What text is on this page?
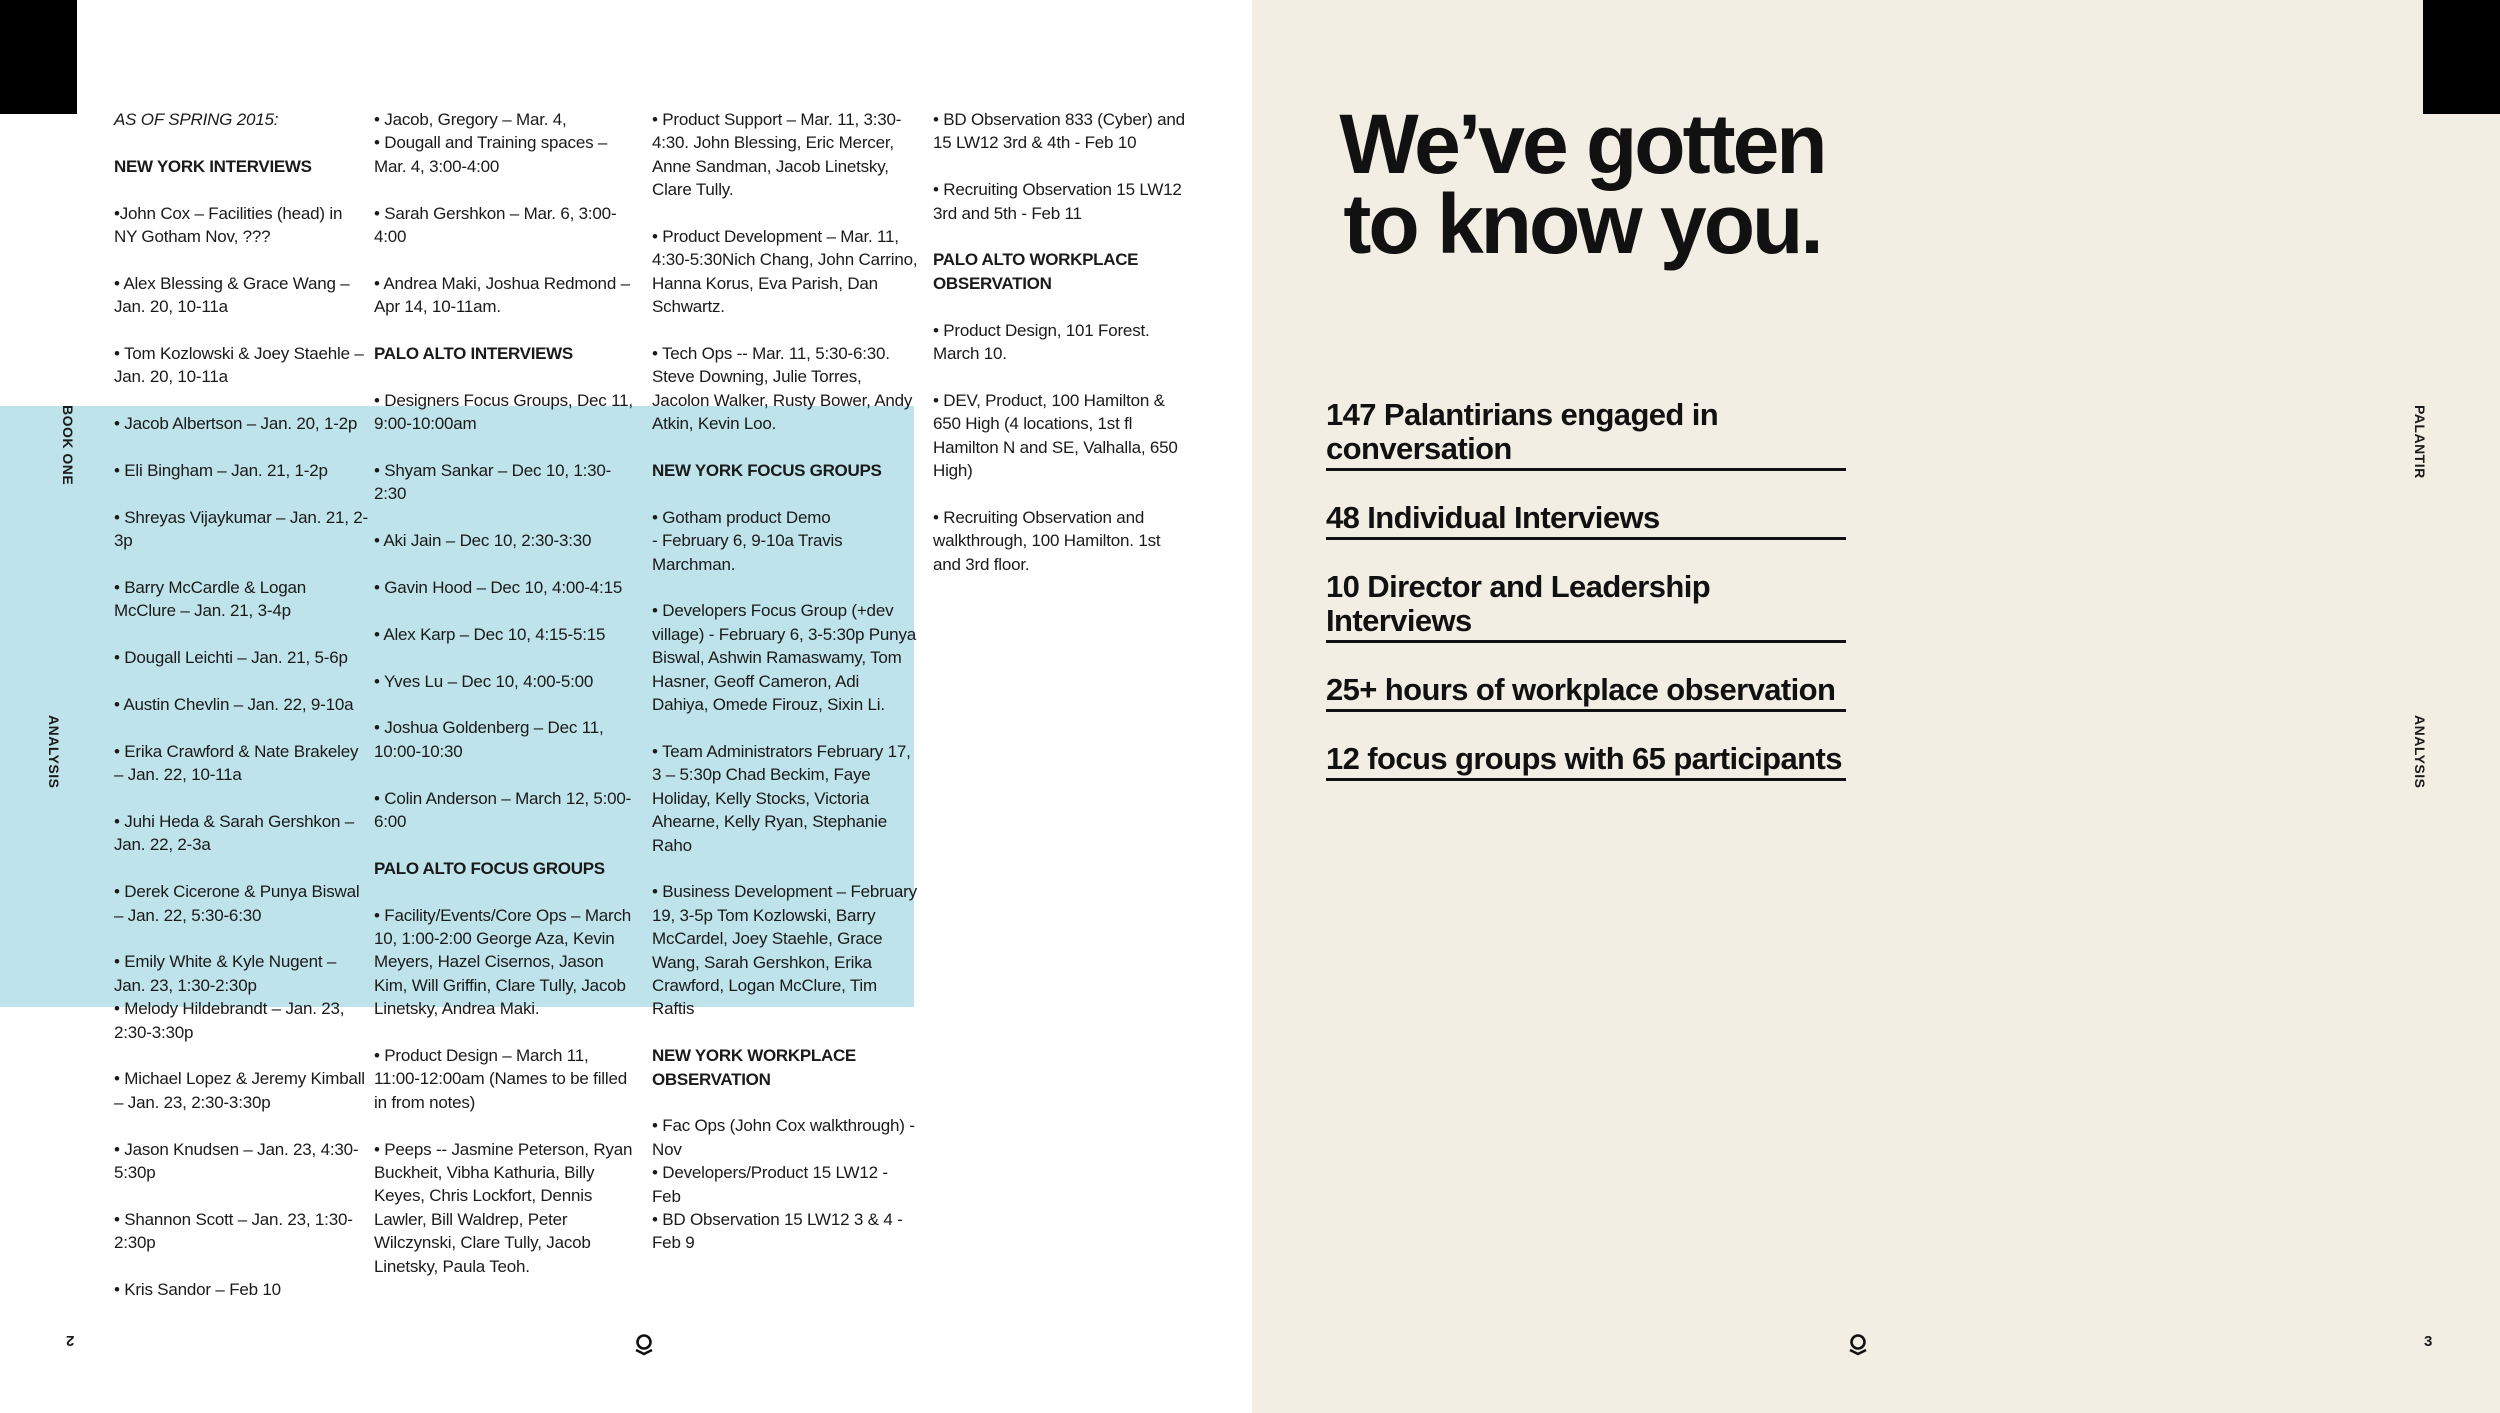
BOOK ONE
ANALYSIS

AS OF SPRING 2015:

NEW YORK INTERVIEWS

•John Cox – Facilities (head) in NY Gotham Nov, ???

• Alex Blessing & Grace Wang – Jan. 20, 10-11a

• Tom Kozlowski & Joey Staehle – Jan. 20, 10-11a

• Jacob Albertson – Jan. 20, 1-2p

• Eli Bingham – Jan. 21, 1-2p

• Shreyas Vijaykumar – Jan. 21, 2-3p

• Barry McCardle & Logan McClure – Jan. 21, 3-4p

• Dougall Leichti – Jan. 21, 5-6p

• Austin Chevlin – Jan. 22, 9-10a

• Erika Crawford & Nate Brakeley – Jan. 22, 10-11a

• Juhi Heda & Sarah Gershkon – Jan. 22, 2-3a

• Derek Cicerone & Punya Biswal – Jan. 22, 5:30-6:30

• Emily White & Kyle Nugent – Jan. 23, 1:30-2:30p

• Melody Hildebrandt – Jan. 23, 2:30-3:30p

• Michael Lopez & Jeremy Kimball – Jan. 23, 2:30-3:30p

• Jason Knudsen – Jan. 23, 4:30-5:30p

• Shannon Scott – Jan. 23, 1:30-2:30p

• Kris Sandor – Feb 10

• Jacob, Gregory – Mar. 4,

• Dougall and Training spaces – Mar. 4, 3:00-4:00

• Sarah Gershkon – Mar. 6, 3:00-4:00

• Andrea Maki, Joshua Redmond – Apr 14, 10-11am.

PALO ALTO INTERVIEWS

• Designers Focus Groups, Dec 11, 9:00-10:00am

• Shyam Sankar – Dec 10, 1:30-2:30

• Aki Jain – Dec 10, 2:30-3:30

• Gavin Hood – Dec 10, 4:00-4:15

• Alex Karp – Dec 10, 4:15-5:15

• Yves Lu – Dec 10, 4:00-5:00

• Joshua Goldenberg – Dec 11, 10:00-10:30

• Colin Anderson – March 12, 5:00-6:00

PALO ALTO FOCUS GROUPS

• Facility/Events/Core Ops – March 10, 1:00-2:00 George Aza, Kevin Meyers, Hazel Cisernos, Jason Kim, Will Griffin, Clare Tully, Jacob Linetsky, Andrea Maki.

• Product Design – March 11, 11:00-12:00am (Names to be filled in from notes)

• Peeps -- Jasmine Peterson, Ryan Buckheit, Vibha Kathuria, Billy Keyes, Chris Lockfort, Dennis Lawler, Bill Waldrep, Peter Wilczynski, Clare Tully, Jacob Linetsky, Paula Teoh.

• Product Support – Mar. 11, 3:30-4:30. John Blessing, Eric Mercer, Anne Sandman, Jacob Linetsky, Clare Tully.

• Product Development – Mar. 11, 4:30-5:30Nich Chang, John Carrino, Hanna Korus, Eva Parish, Dan Schwartz.

• Tech Ops -- Mar. 11, 5:30-6:30. Steve Downing, Julie Torres, Jacolon Walker, Rusty Bower, Andy Atkin, Kevin Loo.

NEW YORK FOCUS GROUPS

• Gotham product Demo
- February 6, 9-10a Travis Marchman.

• Developers Focus Group (+dev village) - February 6, 3-5:30p Punya Biswal, Ashwin Ramaswamy, Tom Hasner, Geoff Cameron, Adi Dahiya, Omede Firouz, Sixin Li.

• Team Administrators February 17, 3 – 5:30p Chad Beckim, Faye Holiday, Kelly Stocks, Victoria Ahearne, Kelly Ryan, Stephanie Raho

• Business Development – February 19, 3-5p Tom Kozlowski, Barry McCardel, Joey Staehle, Grace Wang, Sarah Gershkon, Erika Crawford, Logan McClure, Tim Raftis

NEW YORK WORKPLACE OBSERVATION

• Fac Ops (John Cox walkthrough) - Nov

• Developers/Product 15 LW12 - Feb

• BD Observation 15 LW12 3 & 4 - Feb 9

• BD Observation 833 (Cyber) and 15 LW12 3rd & 4th - Feb 10

• Recruiting Observation 15 LW12 3rd and 5th - Feb 11

PALO ALTO WORKPLACE OBSERVATION

• Product Design, 101 Forest. March 10.

• DEV, Product, 100 Hamilton & 650 High (4 locations, 1st fl Hamilton N and SE, Valhalla, 650 High)

• Recruiting Observation and walkthrough, 100 Hamilton. 1st and 3rd floor.

2
PALANTIR
ANALYSIS
3
We’ve gotten
to know you.
147 Palantirians engaged in conversation
48 Individual Interviews
10 Director and Leadership Interviews
25+ hours of workplace observation
12 focus groups with 65 participants
